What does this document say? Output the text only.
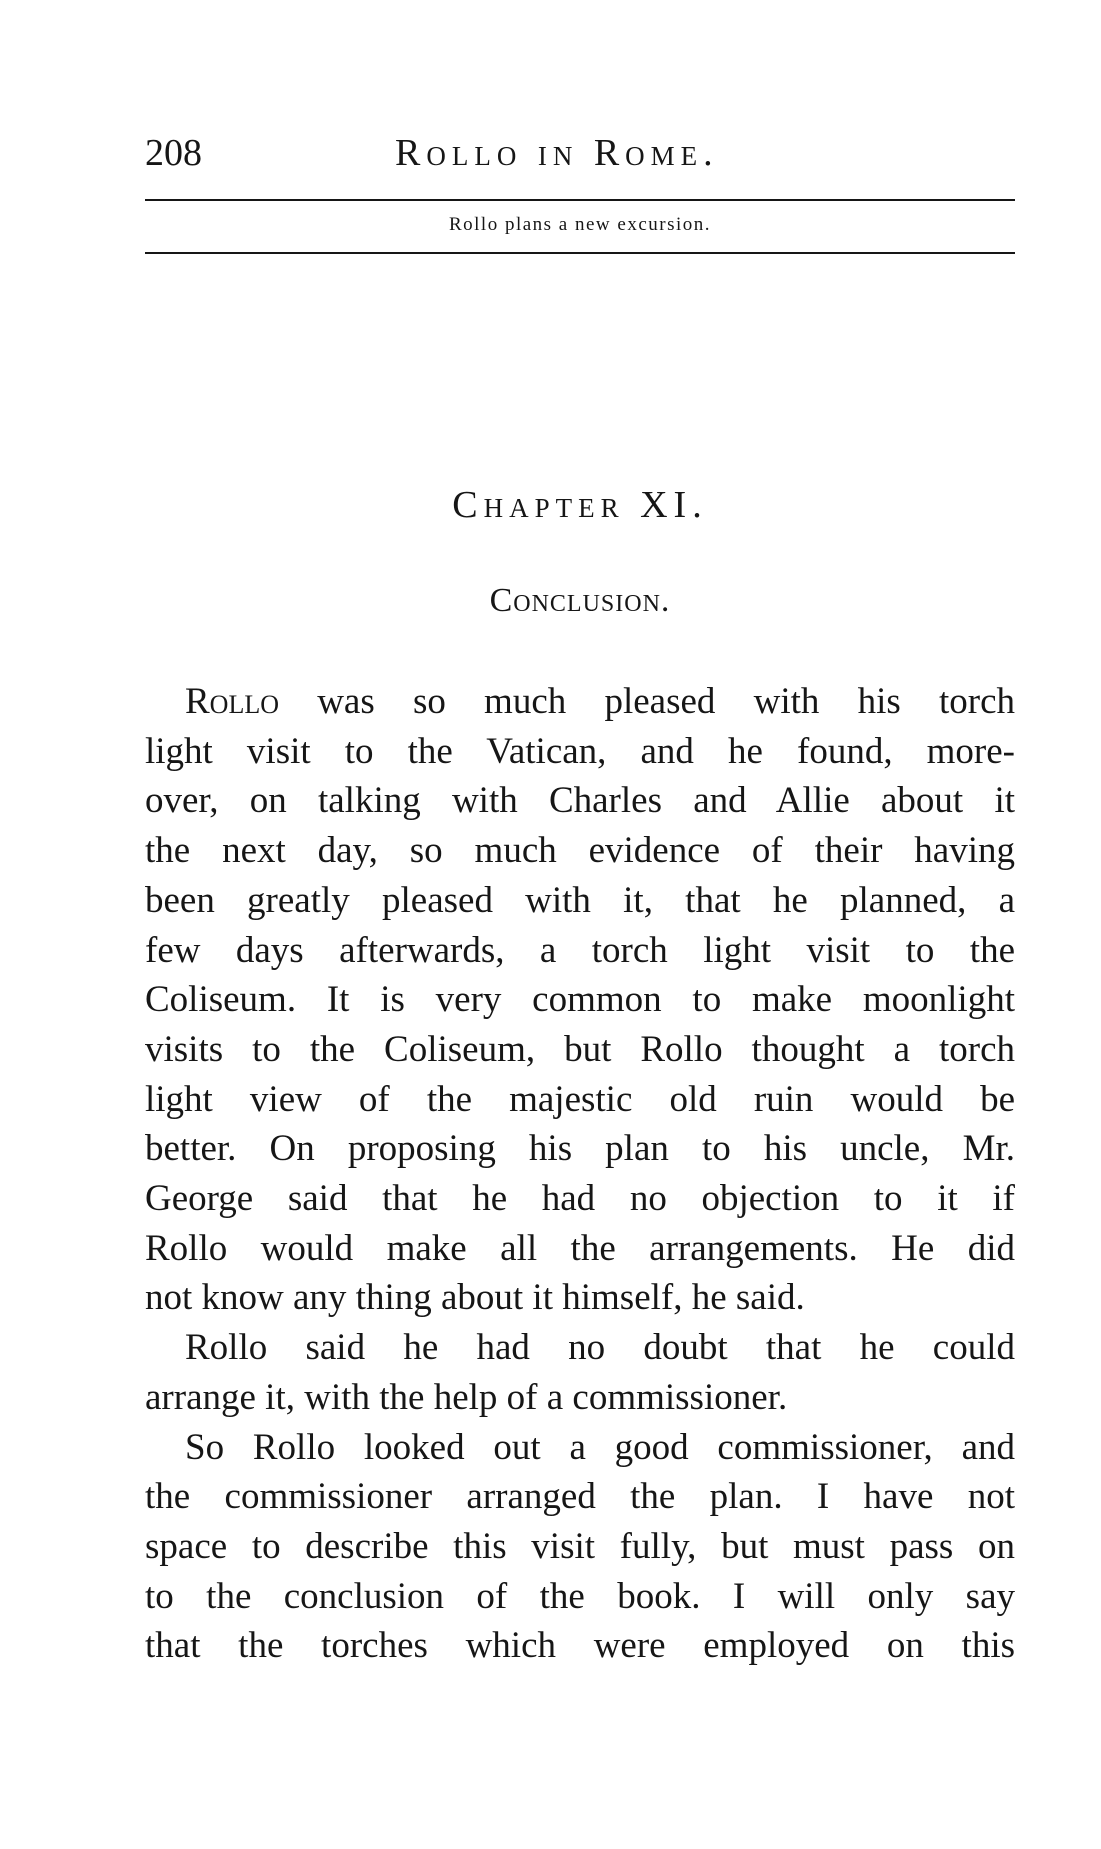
208	Rollo in Rome.
Rollo plans a new excursion.
Chapter XI.
Conclusion.
Rollo was so much pleased with his torch
light visit to the Vatican, and he found, more-
over, on talking with Charles and Allie about it
the next day, so much evidence of their having
been greatly pleased with it, that he planned, a
few days afterwards, a torch light visit to the
Coliseum. It is very common to make moonlight
visits to the Coliseum, but Rollo thought a torch
light view of the majestic old ruin would be
better. On proposing his plan to his uncle, Mr.
George said that he had no objection to it if
Rollo would make all the arrangements. He did
not know any thing about it himself, he said.
Rollo said he had no doubt that he could
arrange it, with the help of a commissioner.
So Rollo looked out a good commissioner, and
the commissioner arranged the plan. I have not
space to describe this visit fully, but must pass on
to the conclusion of the book. I will only say
that the torches which were employed on this
